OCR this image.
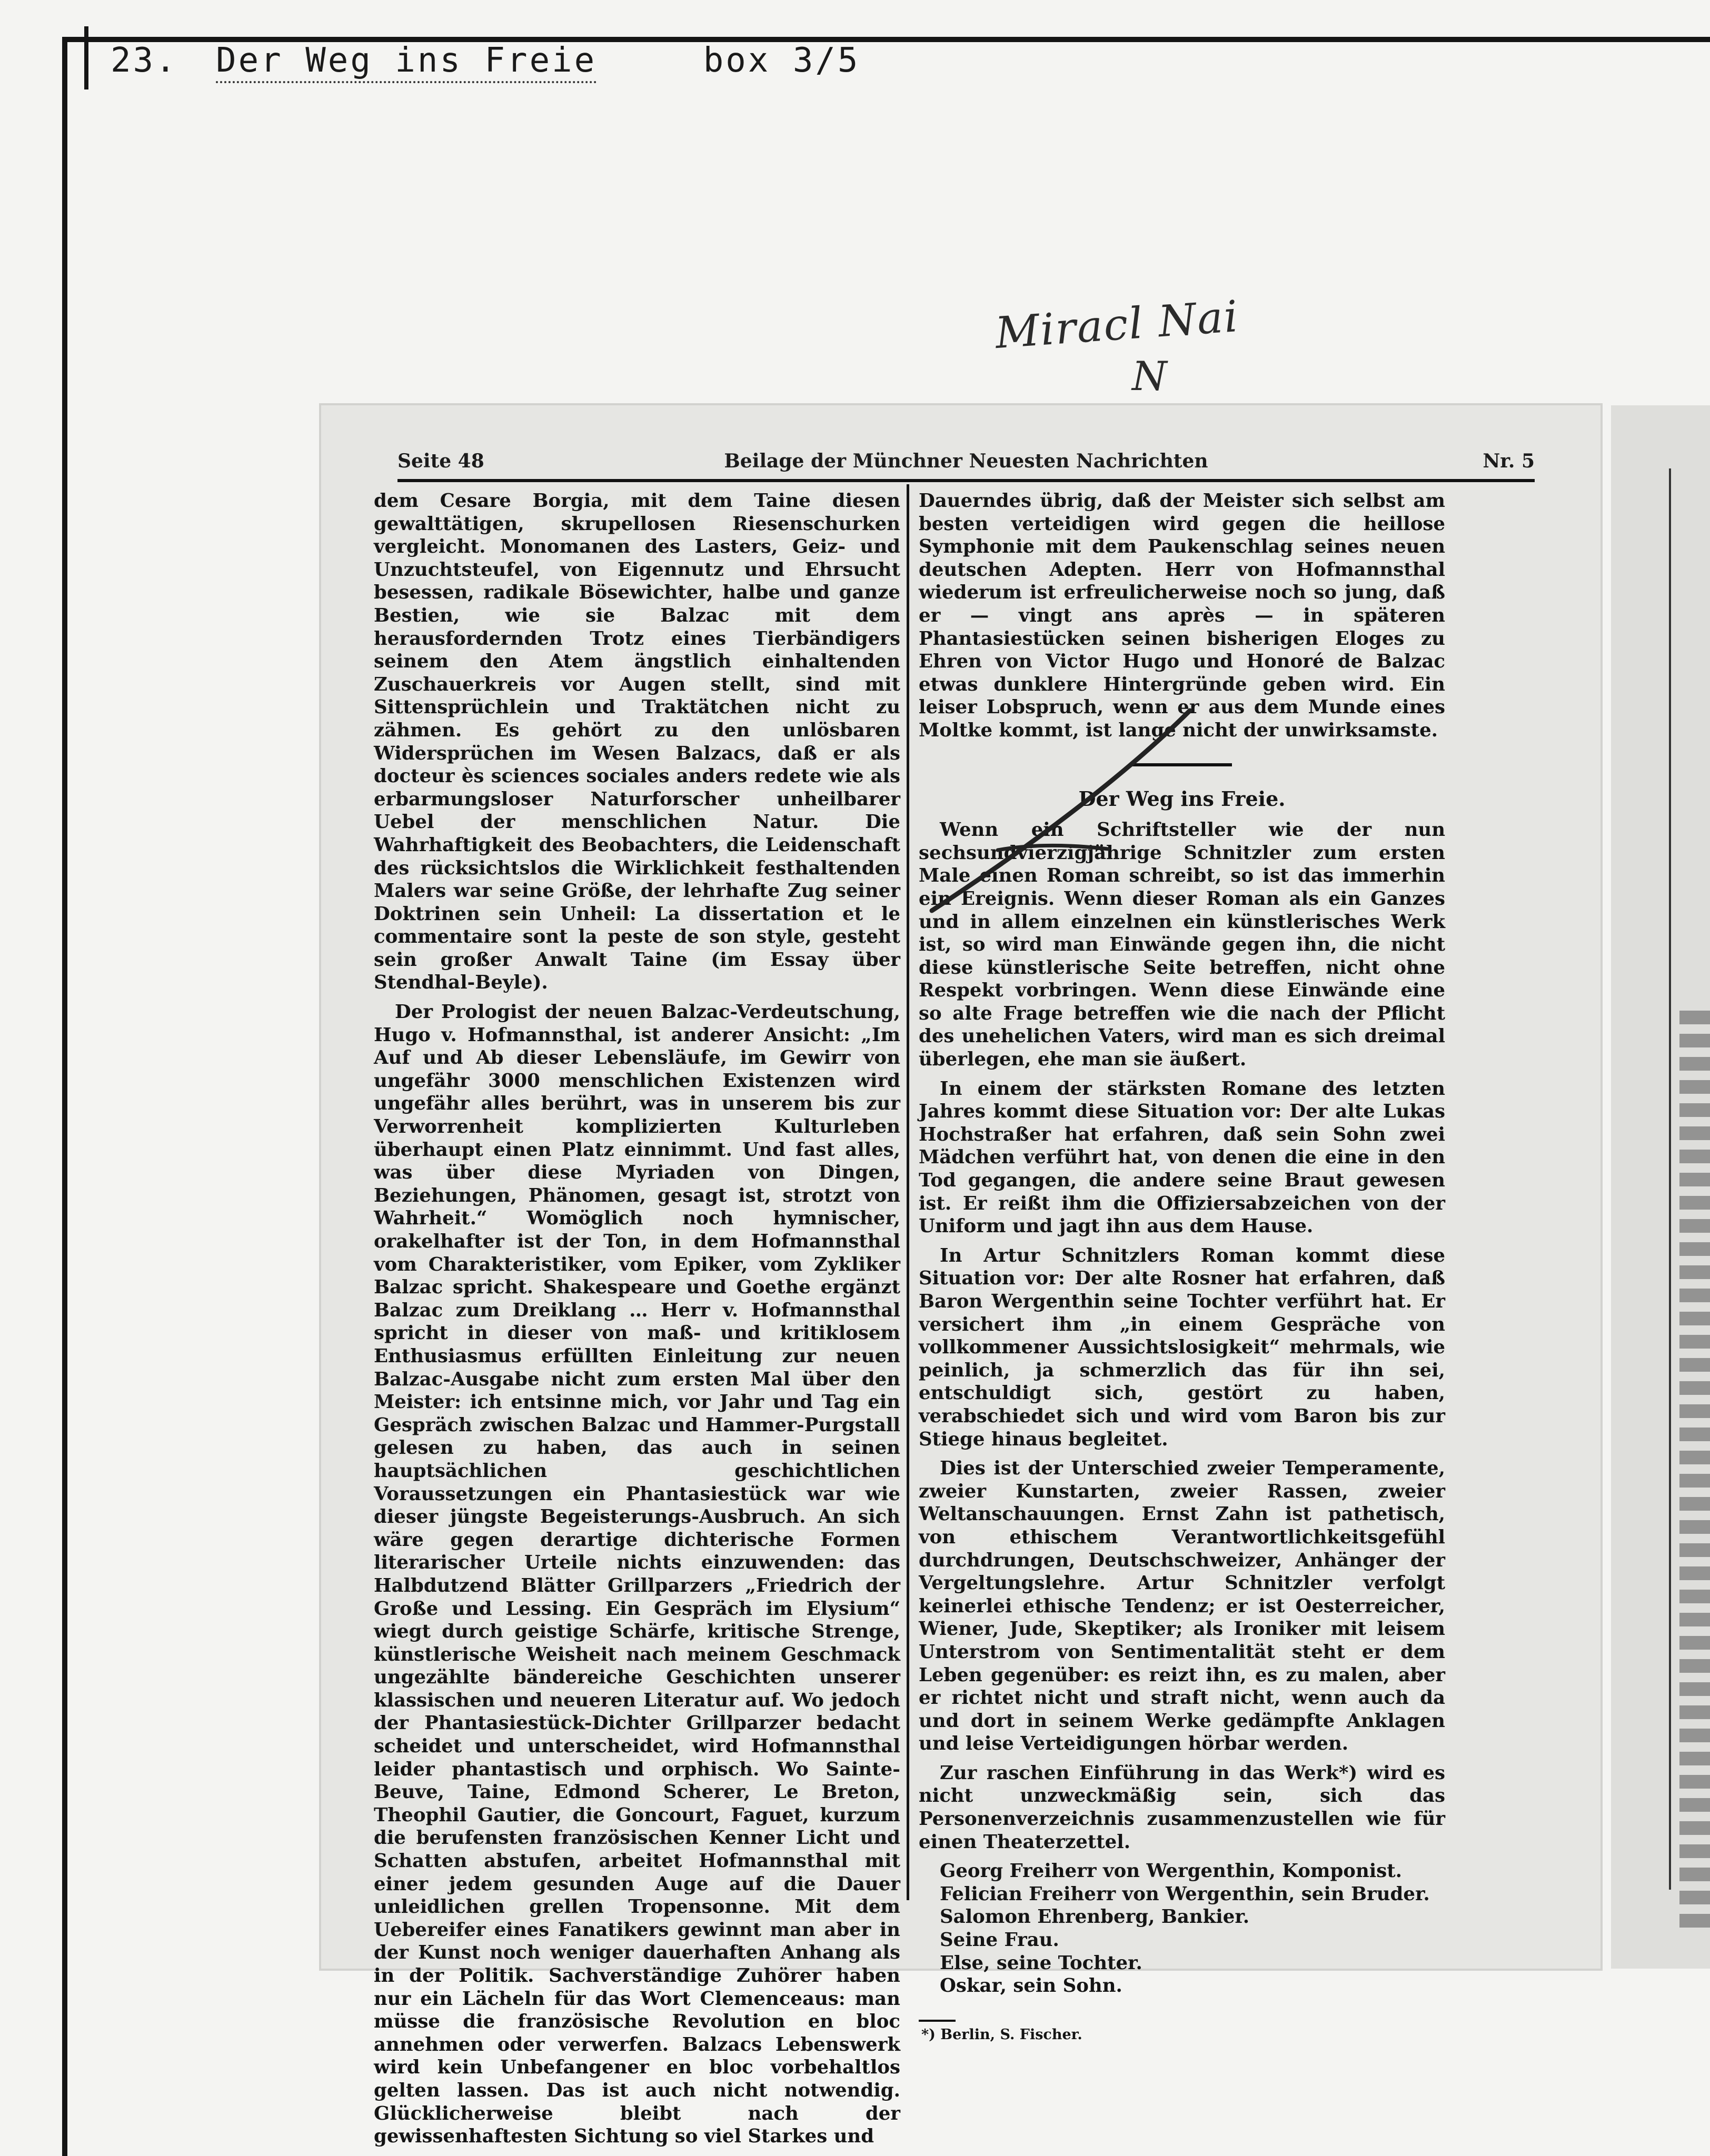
23. Der Weg ins Freie	box 3/5
Seite 48	Beilage der Münchner Neuesten Nachrichten	Nr. 5

dem Cesare Borgia, mit dem Taine diesen gewalttätigen, skrupellosen Riesenschurken vergleicht. Monomanen des Lasters, Geiz- und Unzuchtsteufel, von Eigennutz und Ehrsucht besessen, radikale Bösewichter, halbe und ganze Bestien, wie sie Balzac mit dem herausfordernden Trotz eines Tierbändigers seinem den Atem ängstlich einhaltenden Zuschauerkreis vor Augen stellt, sind mit Sittensprüchlein und Traktätchen nicht zu zähmen. Es gehört zu den unlösbaren Widersprüchen im Wesen Balzacs, daß er als docteur ès sciences sociales anders redete wie als erbarmungsloser Naturforscher unheilbarer Uebel der menschlichen Natur. Die Wahrhaftigkeit des Beobachters, die Leidenschaft des rücksichtslos die Wirklichkeit festhaltenden Malers war seine Größe, der lehrhafte Zug seiner Doktrinen sein Unheil: La dissertation et le commentaire sont la peste de son style, gesteht sein großer Anwalt Taine (im Essay über Stendhal-Beyle).

Der Prologist der neuen Balzac-Verdeutschung, Hugo v. Hofmannsthal, ist anderer Ansicht: „Im Auf und Ab dieser Lebensläufe, im Gewirr von ungefähr 3000 menschlichen Existenzen wird ungefähr alles berührt, was in unserem bis zur Verworrenheit komplizierten Kulturleben überhaupt einen Platz einnimmt. Und fast alles, was über diese Myriaden von Dingen, Beziehungen, Phänomen, gesagt ist, strotzt von Wahrheit.“ Womöglich noch hymnischer, orakelhafter ist der Ton, in dem Hofmannsthal vom Charakteristiker, vom Epiker, vom Zykliker Balzac spricht. Shakespeare und Goethe ergänzt Balzac zum Dreiklang … Herr v. Hofmannsthal spricht in dieser von maß- und kritiklosem Enthusiasmus erfüllten Einleitung zur neuen Balzac-Ausgabe nicht zum ersten Mal über den Meister: ich entsinne mich, vor Jahr und Tag ein Gespräch zwischen Balzac und Hammer-Purgstall gelesen zu haben, das auch in seinen hauptsächlichen geschichtlichen Voraussetzungen ein Phantasiestück war wie dieser jüngste Begeisterungs-Ausbruch. An sich wäre gegen derartige dichterische Formen literarischer Urteile nichts einzuwenden: das Halbdutzend Blätter Grillparzers „Friedrich der Große und Lessing. Ein Gespräch im Elysium“ wiegt durch geistige Schärfe, kritische Strenge, künstlerische Weisheit nach meinem Geschmack ungezählte bändereiche Geschichten unserer klassischen und neueren Literatur auf. Wo jedoch der Phantasiestück-Dichter Grillparzer bedacht scheidet und unterscheidet, wird Hofmannsthal leider phantastisch und orphisch. Wo Sainte-Beuve, Taine, Edmond Scherer, Le Breton, Theophil Gautier, die Goncourt, Faguet, kurzum die berufensten französischen Kenner Licht und Schatten abstufen, arbeitet Hofmannsthal mit einer jedem gesunden Auge auf die Dauer unleidlichen grellen Tropensonne. Mit dem Uebereifer eines Fanatikers gewinnt man aber in der Kunst noch weniger dauerhaften Anhang als in der Politik. Sachverständige Zuhörer haben nur ein Lächeln für das Wort Clemenceaus: man müsse die französische Revolution en bloc annehmen oder verwerfen. Balzacs Lebenswerk wird kein Unbefangener en bloc vorbehaltlos gelten lassen. Das ist auch nicht notwendig. Glücklicherweise bleibt nach der gewissenhaftesten Sichtung so viel Starkes und

Dauerndes übrig, daß der Meister sich selbst am besten verteidigen wird gegen die heillose Symphonie mit dem Paukenschlag seines neuen deutschen Adepten. Herr von Hofmannsthal wiederum ist erfreulicherweise noch so jung, daß er — vingt ans après — in späteren Phantasiestücken seinen bisherigen Eloges zu Ehren von Victor Hugo und Honoré de Balzac etwas dunklere Hintergründe geben wird. Ein leiser Lobspruch, wenn er aus dem Munde eines Moltke kommt, ist lange nicht der unwirksamste.

Der Weg ins Freie.

Wenn ein Schriftsteller wie der nun sechsundvierzigjährige Schnitzler zum ersten Male einen Roman schreibt, so ist das immerhin ein Ereignis. Wenn dieser Roman als ein Ganzes und in allem einzelnen ein künstlerisches Werk ist, so wird man Einwände gegen ihn, die nicht diese künstlerische Seite betreffen, nicht ohne Respekt vorbringen. Wenn diese Einwände eine so alte Frage betreffen wie die nach der Pflicht des unehelichen Vaters, wird man es sich dreimal überlegen, ehe man sie äußert.

In einem der stärksten Romane des letzten Jahres kommt diese Situation vor: Der alte Lukas Hochstraßer hat erfahren, daß sein Sohn zwei Mädchen verführt hat, von denen die eine in den Tod gegangen, die andere seine Braut gewesen ist. Er reißt ihm die Offiziersabzeichen von der Uniform und jagt ihn aus dem Hause.

In Artur Schnitzlers Roman kommt diese Situation vor: Der alte Rosner hat erfahren, daß Baron Wergenthin seine Tochter verführt hat. Er versichert ihm „in einem Gespräche von vollkommener Aussichtslosigkeit“ mehrmals, wie peinlich, ja schmerzlich das für ihn sei, entschuldigt sich, gestört zu haben, verabschiedet sich und wird vom Baron bis zur Stiege hinaus begleitet.

Dies ist der Unterschied zweier Temperamente, zweier Kunstarten, zweier Rassen, zweier Weltanschauungen. Ernst Zahn ist pathetisch, von ethischem Verantwortlichkeitsgefühl durchdrungen, Deutschschweizer, Anhänger der Vergeltungslehre. Artur Schnitzler verfolgt keinerlei ethische Tendenz; er ist Oesterreicher, Wiener, Jude, Skeptiker; als Ironiker mit leisem Unterstrom von Sentimentalität steht er dem Leben gegenüber: es reizt ihn, es zu malen, aber er richtet nicht und straft nicht, wenn auch da und dort in seinem Werke gedämpfte Anklagen und leise Verteidigungen hörbar werden.

Zur raschen Einführung in das Werk*) wird es nicht unzweckmäßig sein, sich das Personenverzeichnis zusammenzustellen wie für einen Theaterzettel.

Georg Freiherr von Wergenthin, Komponist.
Felician Freiherr von Wergenthin, sein Bruder.
Salomon Ehrenberg, Bankier.
Seine Frau.
Else, seine Tochter.
Oskar, sein Sohn.
*) Berlin, S. Fischer.
Miracl Nai
N
